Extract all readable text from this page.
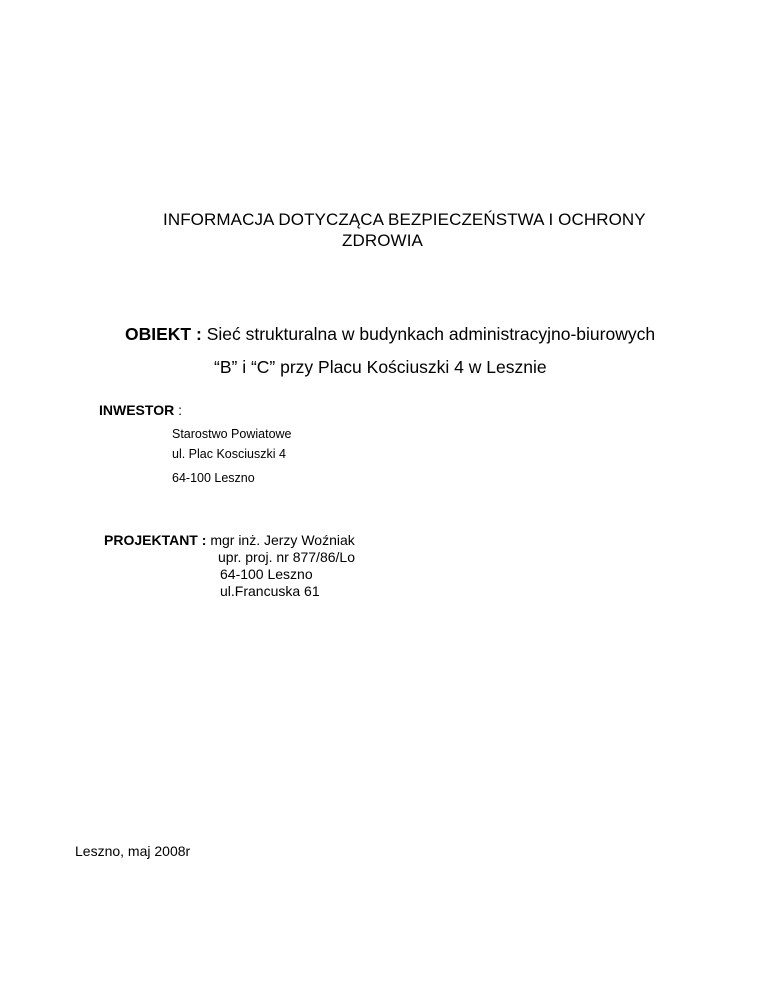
INFORMACJA DOTYCZĄCA BEZPIECZEŃSTWA I OCHRONY
ZDROWIA
OBIEKT : Sieć strukturalna w budynkach administracyjno-biurowych
“B” i “C” przy Placu Kościuszki 4 w Lesznie
INWESTOR :
Starostwo Powiatowe
ul. Plac Kosciuszki 4
64-100 Leszno
PROJEKTANT : mgr inż. Jerzy Woźniak
upr. proj. nr 877/86/Lo
64-100 Leszno
ul.Francuska 61
Leszno, maj 2008r
